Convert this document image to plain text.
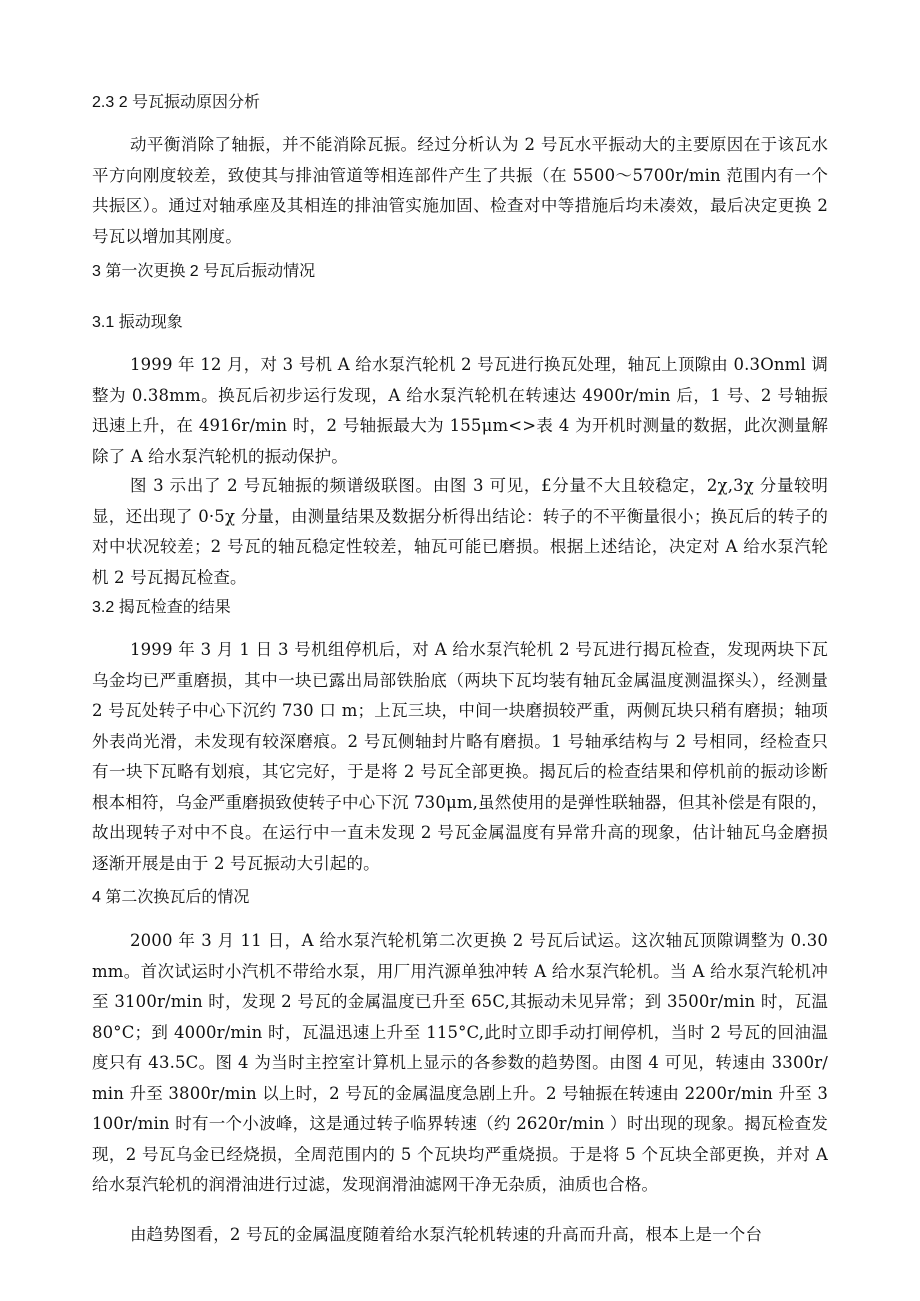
2.3 2 号瓦振动原因分析
动平衡消除了轴振，并不能消除瓦振。经过分析认为 2 号瓦水平振动大的主要原因在于该瓦水平方向刚度较差，致使其与排油管道等相连部件产生了共振（在 5500～5700r/min 范围内有一个共振区）。通过对轴承座及其相连的排油管实施加固、检查对中等措施后均未凑效，最后决定更换 2 号瓦以增加其刚度。
3 第一次更换 2 号瓦后振动情况
3.1 振动现象
1999 年 12 月，对 3 号机 A 给水泵汽轮机 2 号瓦进行换瓦处理，轴瓦上顶隙由 0.3Onml 调整为 0.38mm。换瓦后初步运行发现，A 给水泵汽轮机在转速达 4900r/min 后，1 号、2 号轴振迅速上升，在 4916r/min 时，2 号轴振最大为 155μm<>表 4 为开机时测量的数据，此次测量解除了 A 给水泵汽轮机的振动保护。
图 3 示出了 2 号瓦轴振的频谱级联图。由图 3 可见，£分量不大且较稳定，2χ,3χ 分量较明显，还出现了 0·5χ 分量，由测量结果及数据分析得出结论：转子的不平衡量很小；换瓦后的转子的对中状况较差；2 号瓦的轴瓦稳定性较差，轴瓦可能已磨损。根据上述结论，决定对 A 给水泵汽轮机 2 号瓦揭瓦检查。
3.2 揭瓦检查的结果
1999 年 3 月 1 日 3 号机组停机后，对 A 给水泵汽轮机 2 号瓦进行揭瓦检查，发现两块下瓦乌金均已严重磨损，其中一块已露出局部铁胎底（两块下瓦均装有轴瓦金属温度测温探头），经测量 2 号瓦处转子中心下沉约 730 口 m；上瓦三块，中间一块磨损较严重，两侧瓦块只稍有磨损；轴项外表尚光滑，未发现有较深磨痕。2 号瓦侧轴封片略有磨损。1 号轴承结构与 2 号相同，经检查只有一块下瓦略有划痕，其它完好，于是将 2 号瓦全部更换。揭瓦后的检查结果和停机前的振动诊断根本相符，乌金严重磨损致使转子中心下沉 730μm,虽然使用的是弹性联轴器，但其补偿是有限的，故出现转子对中不良。在运行中一直未发现 2 号瓦金属温度有异常升高的现象，估计轴瓦乌金磨损逐渐开展是由于 2 号瓦振动大引起的。
4 第二次换瓦后的情况
2000 年 3 月 11 日，A 给水泵汽轮机第二次更换 2 号瓦后试运。这次轴瓦顶隙调整为 0.30mm。首次试运时小汽机不带给水泵，用厂用汽源单独冲转 A 给水泵汽轮机。当 A 给水泵汽轮机冲至 3100r/min 时，发现 2 号瓦的金属温度已升至 65C,其振动未见异常；到 3500r/min 时，瓦温 80°C；到 4000r/min 时，瓦温迅速上升至 115°C,此时立即手动打闸停机，当时 2 号瓦的回油温度只有 43.5C。图 4 为当时主控室计算机上显示的各参数的趋势图。由图 4 可见，转速由 3300r∕min 升至 3800r∕min 以上时，2 号瓦的金属温度急剧上升。2 号轴振在转速由 2200r/min 升至 3100r/min 时有一个小波峰，这是通过转子临界转速（约 2620r/min ）时出现的现象。揭瓦检查发现，2 号瓦乌金已经烧损，全周范围内的 5 个瓦块均严重烧损。于是将 5 个瓦块全部更换，并对 A 给水泵汽轮机的润滑油进行过滤，发现润滑油滤网干净无杂质，油质也合格。
由趋势图看，2 号瓦的金属温度随着给水泵汽轮机转速的升高而升高，根本上是一个台
